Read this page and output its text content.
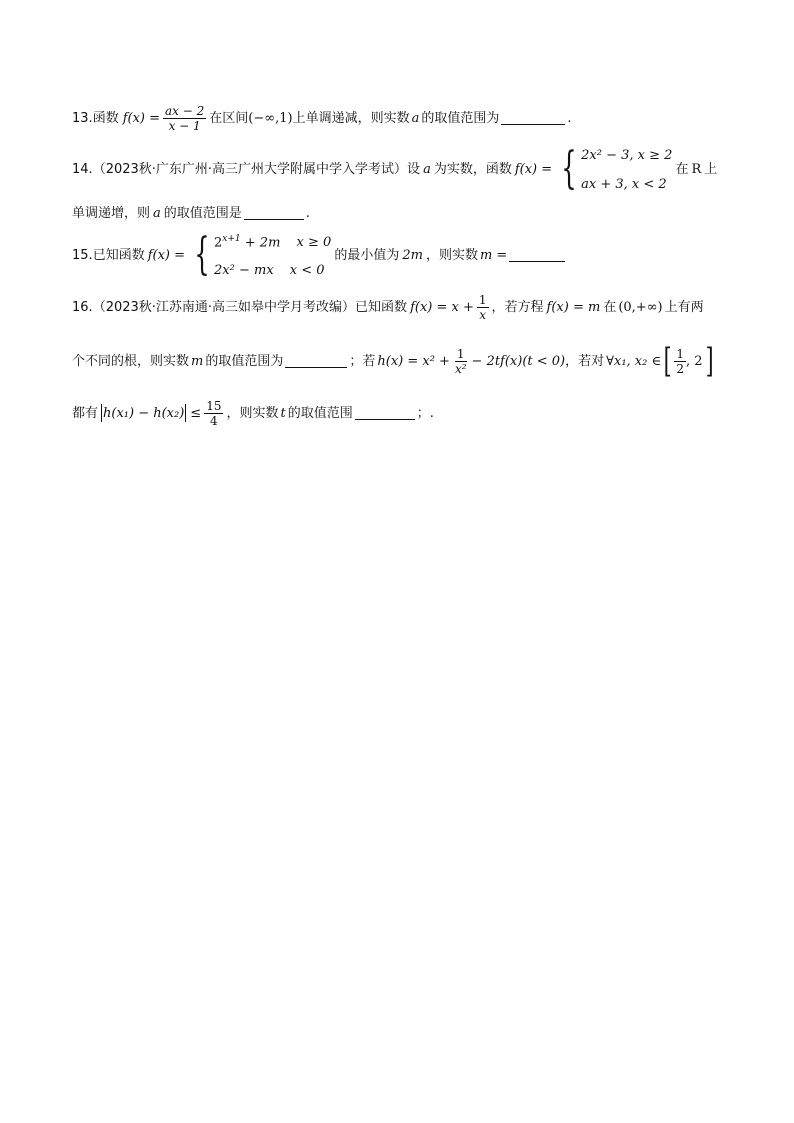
13. 函数 $f(x) = \frac{ax - 2}{x - 1}$ 在区间 (−∞,1) 上单调递减，则实数 a 的取值范围为	.
14. （2023秋·广东广州·高三广州大学附属中学入学考试） 设 a 为实数，函数 f(x) = { 2x² − 3, x ≥ 2
ax + 3, x < 2
在 R 上
单调递增，则 a 的取值范围是	.
15. 已知函数 f(x) = { $2^{x+1} + 2m$ x ≥ 0
2x² − mx x < 0
的最小值为 2m ，则实数 m =
16. （2023秋·江苏南通·高三如皋中学月考改编） 已知函数 $f(x) = x + \frac{1}{x}$ ，若方程 f(x) = m 在 (0,+∞) 上有两
个不同的根，则实数 m 的取值范围为	；若 $h(x) = x^2 + \frac{1}{\text{x²}} - 2tf(x)(t < 0)$ ，若对 ∀x₁, x₂ ∈ [ $\frac{1}{2}$ , 2 ]
都有 $h(x_1) - h(x_2) \le \frac{15}{4}$ ，则实数 t 的取值范围	；.
